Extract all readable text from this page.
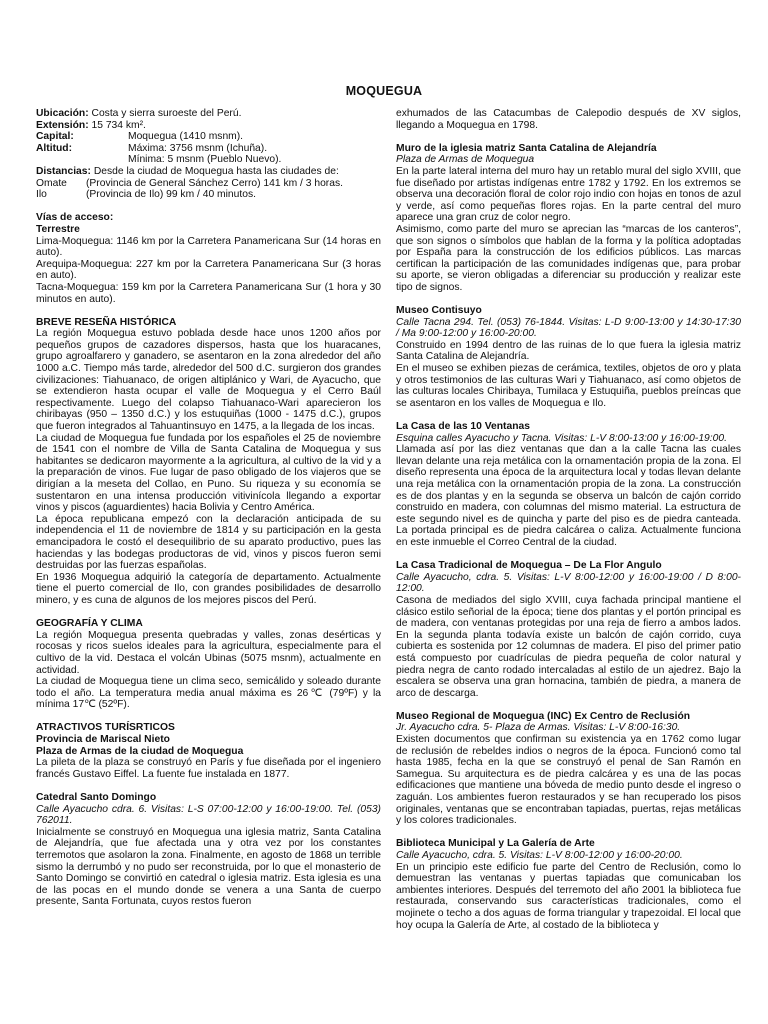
MOQUEGUA
Ubicación: Costa y sierra suroeste del Perú.
Extensión: 15 734 km².
Capital:	Moquegua (1410 msnm).
Altitud:	Máxima: 3756 msnm (Ichuña).
Mínima: 5 msnm (Pueblo Nuevo).
Distancias: Desde la ciudad de Moquegua hasta las ciudades de:
Omate (Provincia de General Sánchez Cerro) 141 km / 3 horas.
Ilo	(Provincia de Ilo) 99 km / 40 minutos.
Vías de acceso:
Terrestre

Lima-Moquegua: 1146 km por la Carretera Panamericana Sur (14 horas en auto).

Arequipa-Moquegua: 227 km por la Carretera Panamericana Sur (3 horas en auto).

Tacna-Moquegua: 159 km por la Carretera Panamericana Sur (1 hora y 30 minutos en auto).

BREVE RESEÑA HISTÓRICA

La región Moquegua estuvo poblada desde hace unos 1200 años por pequeños grupos de cazadores dispersos, hasta que los huaracanes, grupo agroalfarero y ganadero, se asentaron en la zona alrededor del año 1000 a.C. Tiempo más tarde, alrededor del 500 d.C. surgieron dos grandes civilizaciones: Tiahuanaco, de origen altiplánico y Wari, de Ayacucho, que se extendieron hasta ocupar el valle de Moquegua y el Cerro Baúl respectivamente. Luego del colapso Tiahuanaco-Wari aparecieron los chiribayas (950 – 1350 d.C.) y los estuquiñas (1000 - 1475 d.C.), grupos que fueron integrados al Tahuantinsuyo en 1475, a la llegada de los incas.

La ciudad de Moquegua fue fundada por los españoles el 25 de noviembre de 1541 con el nombre de Villa de Santa Catalina de Moquegua y sus habitantes se dedicaron mayormente a la agricultura, al cultivo de la vid y a la preparación de vinos. Fue lugar de paso obligado de los viajeros que se dirigían a la meseta del Collao, en Puno. Su riqueza y su economía se sustentaron en una intensa producción vitivinícola llegando a exportar vinos y piscos (aguardientes) hacia Bolivia y Centro América.

La época republicana empezó con la declaración anticipada de su independencia el 11 de noviembre de 1814 y su participación en la gesta emancipadora le costó el desequilibrio de su aparato productivo, pues las haciendas y las bodegas productoras de vid, vinos y piscos fueron semi destruidas por las fuerzas españolas.

En 1936 Moquegua adquirió la categoría de departamento. Actualmente tiene el puerto comercial de Ilo, con grandes posibilidades de desarrollo minero, y es cuna de algunos de los mejores piscos del Perú.

GEOGRAFÍA Y CLIMA

La región Moquegua presenta quebradas y valles, zonas desérticas y rocosas y ricos suelos ideales para la agricultura, especialmente para el cultivo de la vid. Destaca el volcán Ubinas (5075 msnm), actualmente en actividad.

La ciudad de Moquegua tiene un clima seco, semicálido y soleado durante todo el año. La temperatura media anual máxima es 26℃ (79ºF) y la mínima 17℃ (52ºF).

ATRACTIVOS TURÍSRTICOS
Provincia de Mariscal Nieto
Plaza de Armas de la ciudad de Moquegua

La pileta de la plaza se construyó en París y fue diseñada por el ingeniero francés Gustavo Eiffel. La fuente fue instalada en 1877.

Catedral Santo Domingo

Calle Ayacucho cdra. 6. Visitas: L-S 07:00-12:00 y 16:00-19:00. Tel. (053) 762011.

Inicialmente se construyó en Moquegua una iglesia matriz, Santa Catalina de Alejandría, que fue afectada una y otra vez por los constantes terremotos que asolaron la zona. Finalmente, en agosto de 1868 un terrible sismo la derrumbó y no pudo ser reconstruida, por lo que el monasterio de Santo Domingo se convirtió en catedral o iglesia matriz. Esta iglesia es una de las pocas en el mundo donde se venera a una Santa de cuerpo presente, Santa Fortunata, cuyos restos fueron

exhumados de las Catacumbas de Calepodio después de XV siglos, llegando a Moquegua en 1798.

Muro de la iglesia matriz Santa Catalina de Alejandría

Plaza de Armas de Moquegua

En la parte lateral interna del muro hay un retablo mural del siglo XVIII, que fue diseñado por artistas indígenas entre 1782 y 1792. En los extremos se observa una decoración floral de color rojo indio con hojas en tonos de azul y verde, así como pequeñas flores rojas. En la parte central del muro aparece una gran cruz de color negro.

Asimismo, como parte del muro se aprecian las “marcas de los canteros”, que son signos o símbolos que hablan de la forma y la política adoptadas por España para la construcción de los edificios públicos. Las marcas certifican la participación de las comunidades indígenas que, para probar su aporte, se vieron obligadas a diferenciar su producción y realizar este tipo de signos.

Museo Contisuyo

Calle Tacna 294. Tel. (053) 76-1844. Visitas: L-D 9:00-13:00 y 14:30-17:30 / Ma 9:00-12:00 y 16:00-20:00.

Construido en 1994 dentro de las ruinas de lo que fuera la iglesia matriz Santa Catalina de Alejandría.

En el museo se exhiben piezas de cerámica, textiles, objetos de oro y plata y otros testimonios de las culturas Wari y Tiahuanaco, así como objetos de las culturas locales Chiribaya, Tumilaca y Estuquiña, pueblos preíncas que se asentaron en los valles de Moquegua e Ilo.

La Casa de las 10 Ventanas

Esquina calles Ayacucho y Tacna. Visitas: L-V 8:00-13:00 y 16:00-19:00.

Llamada así por las diez ventanas que dan a la calle Tacna las cuales llevan delante una reja metálica con la ornamentación propia de la zona. El diseño representa una época de la arquitectura local y todas llevan delante una reja metálica con la ornamentación propia de la zona. La construcción es de dos plantas y en la segunda se observa un balcón de cajón corrido construido en madera, con columnas del mismo material. La estructura de este segundo nivel es de quincha y parte del piso es de piedra canteada. La portada principal es de piedra calcárea o caliza. Actualmente funciona en este inmueble el Correo Central de la ciudad.

La Casa Tradicional de Moquegua – De La Flor Angulo

Calle Ayacucho, cdra. 5. Visitas: L-V 8:00-12:00 y 16:00-19:00 / D 8:00-12:00.

Casona de mediados del siglo XVIII, cuya fachada principal mantiene el clásico estilo señorial de la época; tiene dos plantas y el portón principal es de madera, con ventanas protegidas por una reja de fierro a ambos lados. En la segunda planta todavía existe un balcón de cajón corrido, cuya cubierta es sostenida por 12 columnas de madera. El piso del primer patio está compuesto por cuadrículas de piedra pequeña de color natural y piedra negra de canto rodado intercaladas al estilo de un ajedrez. Bajo la escalera se observa una gran hornacina, también de piedra, a manera de arco de descarga.

Museo Regional de Moquegua (INC) Ex Centro de Reclusión

Jr. Ayacucho cdra. 5- Plaza de Armas. Visitas: L-V 8:00-16:30.

Existen documentos que confirman su existencia ya en 1762 como lugar de reclusión de rebeldes indios o negros de la época. Funcionó como tal hasta 1985, fecha en la que se construyó el penal de San Ramón en Samegua. Su arquitectura es de piedra calcárea y es una de las pocas edificaciones que mantiene una bóveda de medio punto desde el ingreso o zaguán. Los ambientes fueron restaurados y se han recuperado los pisos originales, ventanas que se encontraban tapiadas, puertas, rejas metálicas y los colores tradicionales.

Biblioteca Municipal y La Galería de Arte

Calle Ayacucho, cdra. 5. Visitas: L-V 8:00-12:00 y 16:00-20:00.

En un principio este edificio fue parte del Centro de Reclusión, como lo demuestran las ventanas y puertas tapiadas que comunicaban los ambientes interiores. Después del terremoto del año 2001 la biblioteca fue restaurada, conservando sus características tradicionales, como el mojinete o techo a dos aguas de forma triangular y trapezoidal. El local que hoy ocupa la Galería de Arte, al costado de la biblioteca y
